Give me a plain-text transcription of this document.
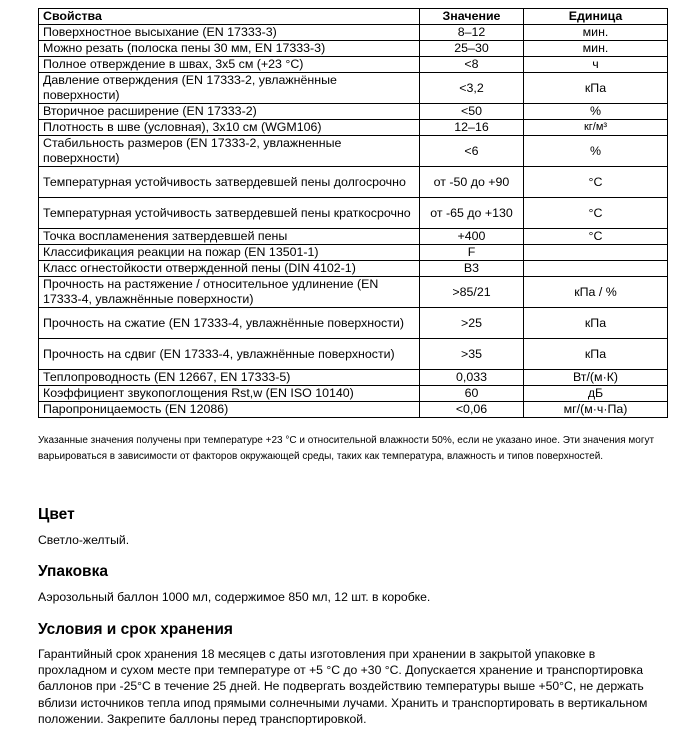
Свойства	Значение	Единица
Поверхностное высыхание (EN 17333-3)	8–12	мин.
Можно резать (полоска пены 30 мм, EN 17333-3)	25–30	мин.
Полное отверждение в швах, 3x5 см (+23 °C)	<8	ч
Давление отверждения (EN 17333-2, увлажнённые поверхности)	<3,2	кПа
Вторичное расширение (EN 17333-2)	<50	%
Плотность в шве (условная), 3x10 см (WGM106)	12–16	кг/м³
Стабильность размеров (EN 17333-2, увлажненные поверхности)	<6	%
Температурная устойчивость затвердевшей пены долгосрочно	от -50 до +90	°C
Температурная устойчивость затвердевшей пены краткосрочно	от -65 до +130	°C
Точка воспламенения затвердевшей пены	+400	°C
Классификация реакции на пожар (EN 13501-1)	F	
Класс огнестойкости отвержденной пены (DIN 4102-1)	B3	
Прочность на растяжение / относительное удлинение (EN 17333-4, увлажнённые поверхности)	>85/21	кПа / %
Прочность на сжатие (EN 17333-4, увлажнённые поверхности)	>25	кПа
Прочность на сдвиг (EN 17333-4, увлажнённые поверхности)	>35	кПа
Теплопроводность (EN 12667, EN 17333-5)	0,033	Вт/(м·К)
Коэффициент звукопоглощения Rst,w (EN ISO 10140)	60	дБ
Паропроницаемость (EN 12086)	<0,06	мг/(м·ч·Па)
Указанные значения получены при температуре +23 °C и относительной влажности 50%, если не указано иное. Эти значения могут варьироваться в зависимости от факторов окружающей среды, таких как температура, влажность и типов поверхностей.
Цвет

Светло-желтый.

Упаковка

Аэрозольный баллон 1000 мл, содержимое 850 мл, 12 шт. в коробке.

Условия и срок хранения

Гарантийный срок хранения 18 месяцев с даты изготовления при хранении в закрытой упаковке в прохладном и сухом месте при температуре от +5 °C до +30 °C. Допускается хранение и транспортировка баллонов при -25°C в течение 25 дней. Не подвергать воздействию температуры выше +50°C, не держать вблизи источников тепла ипод прямыми солнечными лучами. Хранить и транспортировать в вертикальном положении. Закрепите баллоны перед транспортировкой.
